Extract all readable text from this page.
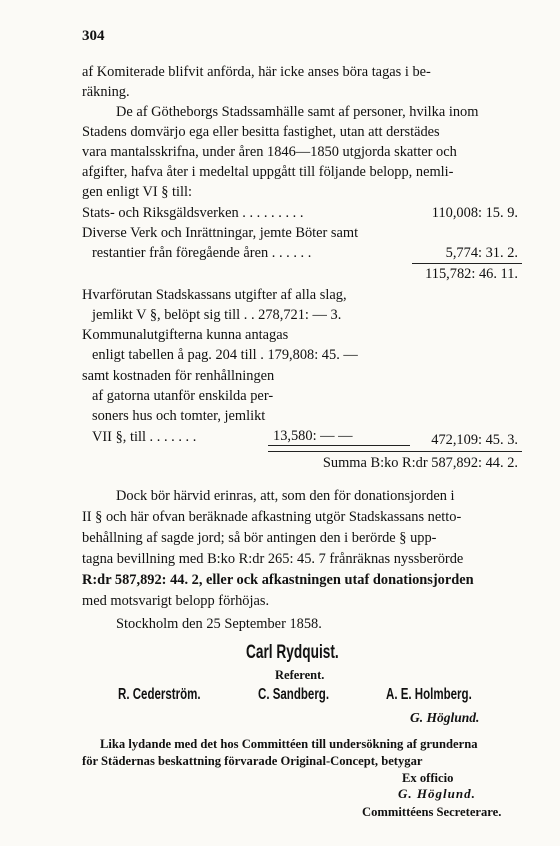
304
af Komiterade blifvit anförda, här icke anses böra tagas i be-
räkning.
De af Götheborgs Stadssamhälle samt af personer, hvilka inom
Stadens domvärjo ega eller besitta fastighet, utan att derstädes
vara mantalsskrifna, under åren 1846—1850 utgjorda skatter och
afgifter, hafva åter i medeltal uppgått till följande belopp, nemli-
gen enligt VI § till:
Stats- och Riksgäldsverken . . . . . . . . .	110,008: 15. 9.
Diverse Verk och Inrättningar, jemte Böter samt
restantier från föregående åren . . . . . .	5,774: 31. 2.
115,782: 46. 11.
Hvarförutan Stadskassans utgifter af alla slag,
jemlikt V §, belöpt sig till . . 278,721: — 3.
Kommunalutgifterna kunna antagas
enligt tabellen å pag. 204 till . 179,808: 45. —
samt kostnaden för renhållningen
af gatorna utanför enskilda per-
soners hus och tomter, jemlikt
VII §, till . . . . . . .	13,580: — —	472,109: 45. 3.
Summa B:ko R:dr 587,892: 44. 2.
Dock bör härvid erinras, att, som den för donationsjorden i
II § och här ofvan beräknade afkastning utgör Stadskassans netto-
behållning af sagde jord; så bör antingen den i berörde § upp-
tagna bevillning med B:ko R:dr 265: 45. 7 frånräknas nyssberörde
R:dr 587,892: 44. 2, eller ock afkastningen utaf donationsjorden
med motsvarigt belopp förhöjas.
Stockholm den 25 September 1858.
Carl Rydquist.
Referent.
R. Cederström.	C. Sandberg.	A. E. Holmberg.
G. Höglund.
Lika lydande med det hos Committéen till undersökning af grunderna
för Städernas beskattning förvarade Original-Concept, betygar
Ex officio
G. Höglund.
Committéens Secreterare.
